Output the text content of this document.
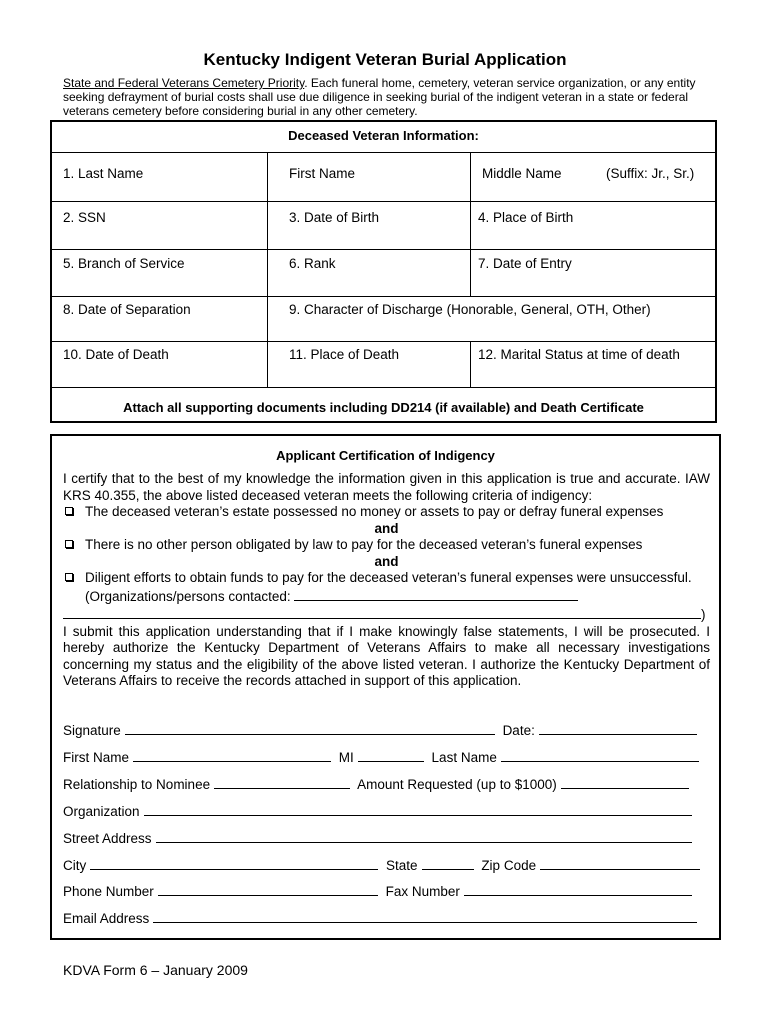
Kentucky Indigent Veteran Burial Application
State and Federal Veterans Cemetery Priority. Each funeral home, cemetery, veteran service organization, or any entity seeking defrayment of burial costs shall use due diligence in seeking burial of the indigent veteran in a state or federal veterans cemetery before considering burial in any other cemetery.
Deceased Veteran Information:
1. Last Name	First Name	Middle Name	(Suffix: Jr., Sr.)
2. SSN	3. Date of Birth	4. Place of Birth
5. Branch of Service	6. Rank	7. Date of Entry
8. Date of Separation	9. Character of Discharge (Honorable, General, OTH, Other)
10. Date of Death	11. Place of Death	12. Marital Status at time of death
Attach all supporting documents including DD214 (if available) and Death Certificate
Applicant Certification of Indigency

I certify that to the best of my knowledge the information given in this application is true and accurate. IAW KRS 40.355, the above listed deceased veteran meets the following criteria of indigency:

The deceased veteran’s estate possessed no money or assets to pay or defray funeral expenses

and

There is no other person obligated by law to pay for the deceased veteran’s funeral expenses

and

Diligent efforts to obtain funds to pay for the deceased veteran’s funeral expenses were unsuccessful. (Organizations/persons contacted:

)

I submit this application understanding that if I make knowingly false statements, I will be prosecuted. I hereby authorize the Kentucky Department of Veterans Affairs to make all necessary investigations concerning my status and the eligibility of the above listed veteran. I authorize the Kentucky Department of Veterans Affairs to receive the records attached in support of this application.

Signature	Date:
First Name	MI	Last Name
Relationship to Nominee	Amount Requested (up to $1000)
Organization
Street Address
City	State	Zip Code
Phone Number	Fax Number
Email Address
KDVA Form 6 – January 2009
